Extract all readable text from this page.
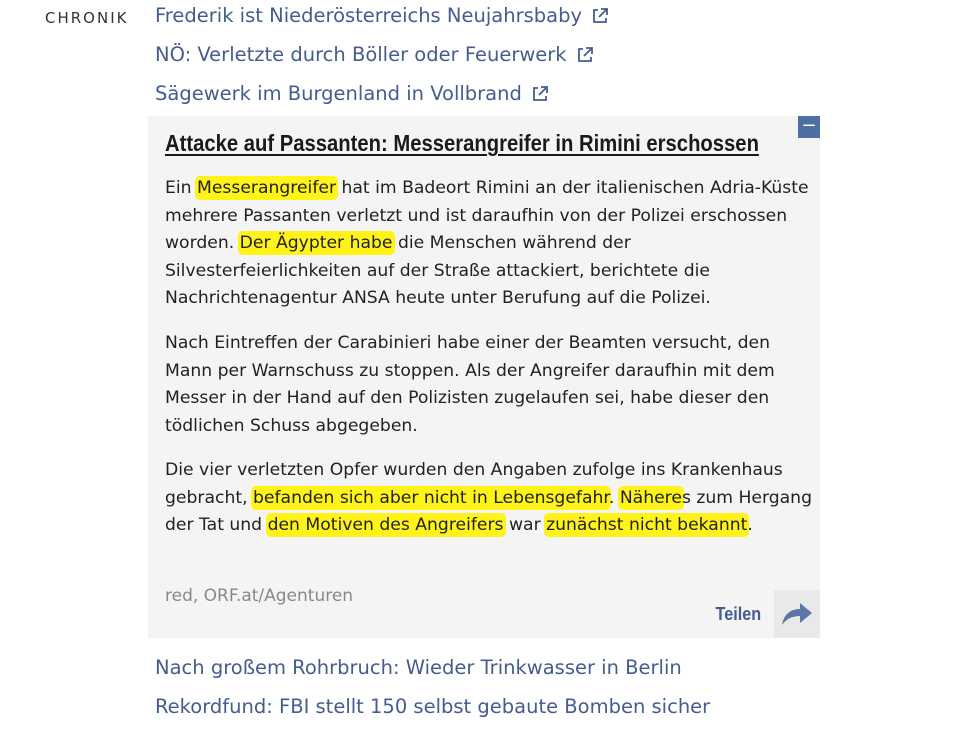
CHRONIK Frederik ist Niederösterreichs Neujahrsbaby
NÖ: Verletzte durch Böller oder Feuerwerk
Sägewerk im Burgenland in Vollbrand
−
Attacke auf Passanten: Messerangreifer in Rimini erschossen

Ein Messerangreifer hat im Badeort Rimini an der italienischen Adria-Küste mehrere Passanten verletzt und ist daraufhin von der Polizei erschossen worden. Der Ägypter habe die Menschen während der Silvesterfeierlichkeiten auf der Straße attackiert, berichtete die Nachrichtenagentur ANSA heute unter Berufung auf die Polizei.

Nach Eintreffen der Carabinieri habe einer der Beamten versucht, den Mann per Warnschuss zu stoppen. Als der Angreifer daraufhin mit dem Messer in der Hand auf den Polizisten zugelaufen sei, habe dieser den tödlichen Schuss abgegeben.

Die vier verletzten Opfer wurden den Angaben zufolge ins Krankenhaus gebracht, befanden sich aber nicht in Lebensgefahr. Näheres zum Hergang der Tat und den Motiven des Angreifers war zunächst nicht bekannt.

red, ORF.at/Agenturen
Teilen
Nach großem Rohrbruch: Wieder Trinkwasser in Berlin
Rekordfund: FBI stellt 150 selbst gebaute Bomben sicher
